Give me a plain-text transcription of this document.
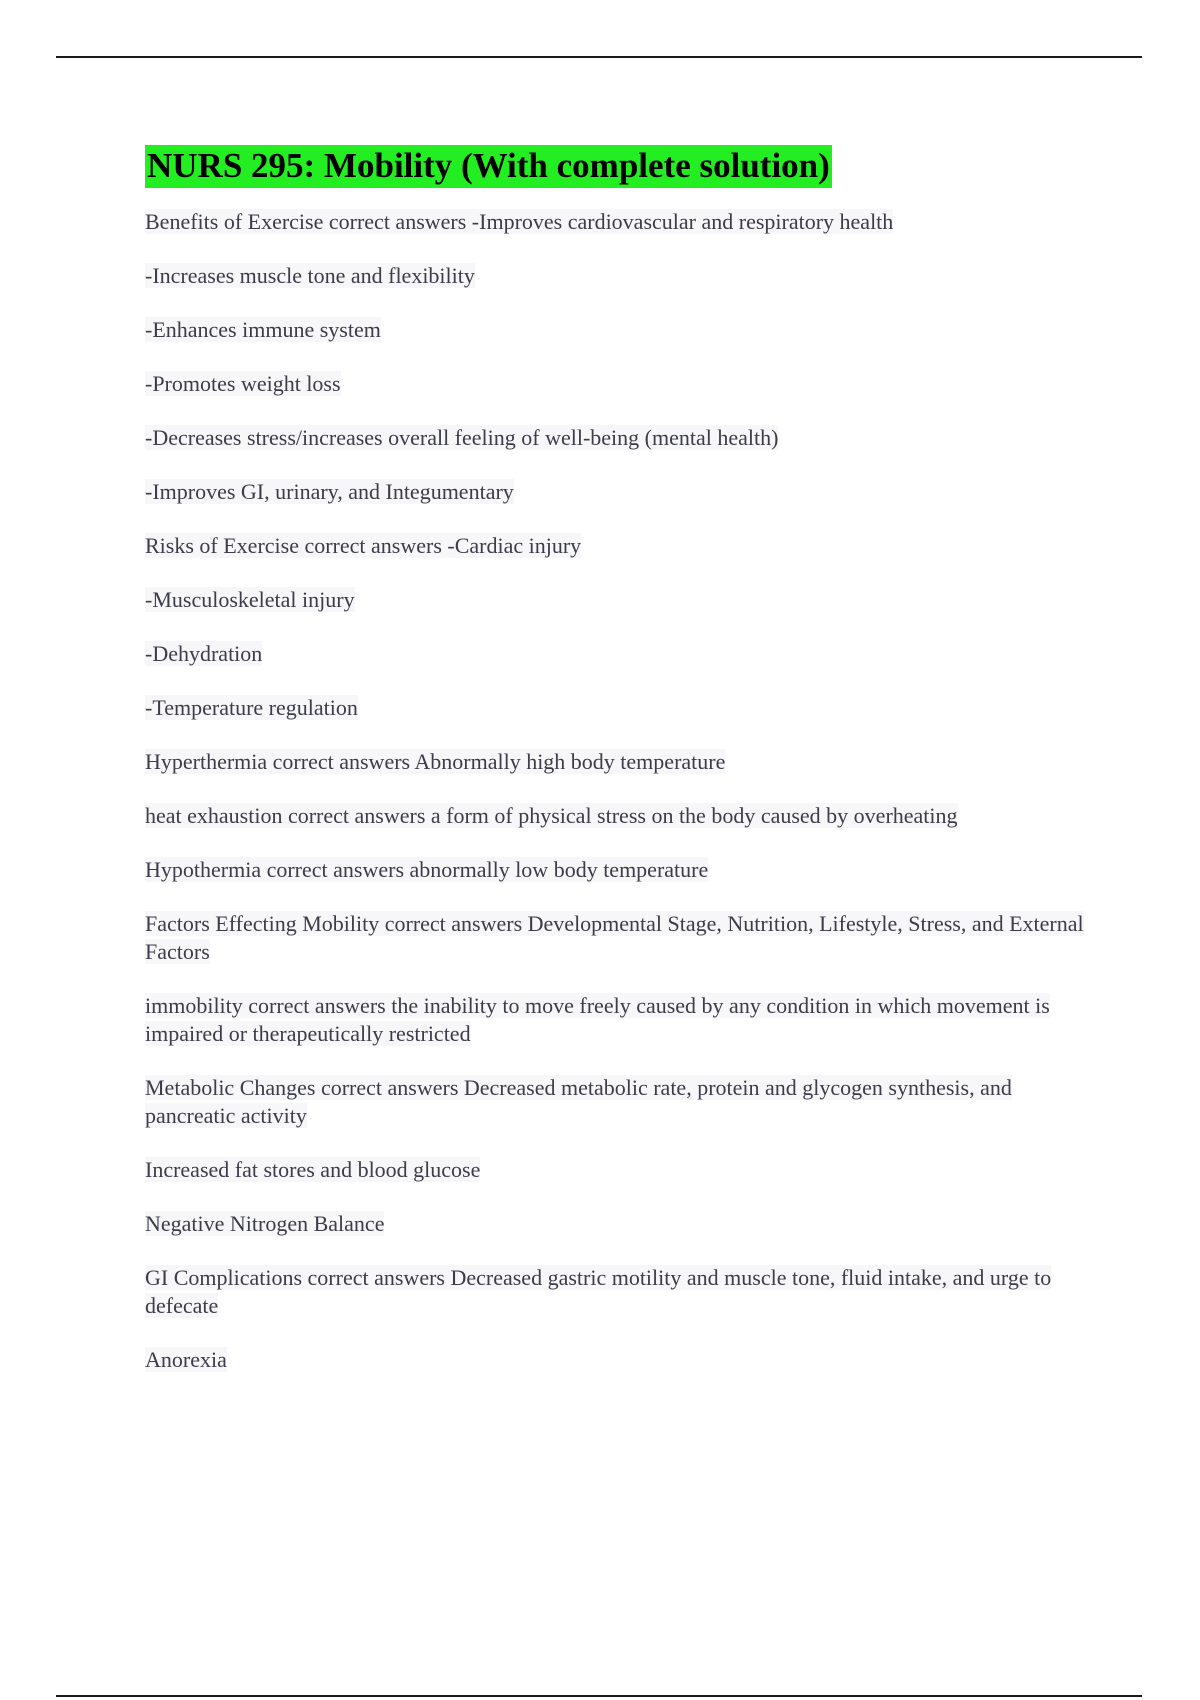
NURS 295: Mobility (With complete solution)

Benefits of Exercise correct answers -Improves cardiovascular and respiratory health

-Increases muscle tone and flexibility

-Enhances immune system

-Promotes weight loss

-Decreases stress/increases overall feeling of well-being (mental health)

-Improves GI, urinary, and Integumentary

Risks of Exercise correct answers -Cardiac injury

-Musculoskeletal injury

-Dehydration

-Temperature regulation

Hyperthermia correct answers Abnormally high body temperature

heat exhaustion correct answers a form of physical stress on the body caused by overheating

Hypothermia correct answers abnormally low body temperature

Factors Effecting Mobility correct answers Developmental Stage, Nutrition, Lifestyle, Stress, and External Factors

immobility correct answers the inability to move freely caused by any condition in which movement is impaired or therapeutically restricted

Metabolic Changes correct answers Decreased metabolic rate, protein and glycogen synthesis, and pancreatic activity

Increased fat stores and blood glucose

Negative Nitrogen Balance

GI Complications correct answers Decreased gastric motility and muscle tone, fluid intake, and urge to defecate

Anorexia
